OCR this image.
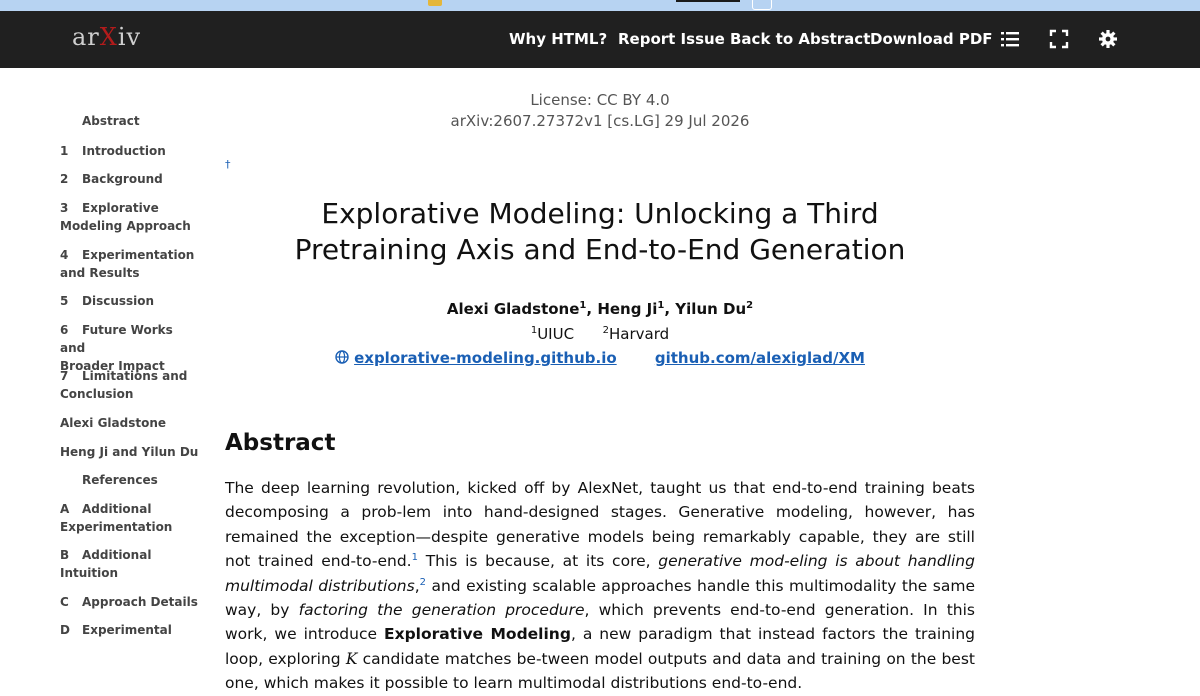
arXiv	Why HTML? Report Issue Back to Abstract Download PDF
Abstract
1 Introduction
2 Background
3 Explorative
Modeling Approach
4 Experimentation
and Results
5 Discussion
6 Future Works and
Broader Impact
7 Limitations and
Conclusion
Alexi Gladstone
Heng Ji and Yilun Du
References
A Additional
Experimentation
B Additional
Intuition
C Approach Details
D Experimental
License: CC BY 4.0
arXiv:2607.27372v1 [cs.LG] 29 Jul 2026
†
Explorative Modeling: Unlocking a Third
Pretraining Axis and End-to-End Generation
Alexi Gladstone$^1$, Heng Ji$^1$, Yilun Du$^2$
$^1$UIUC	$^2$Harvard
explorative-modeling.github.io	github.com/alexiglad/XM
Abstract

The deep learning revolution, kicked off by AlexNet, taught us that end-to-end training beats decomposing a prob-lem into hand-designed stages. Generative modeling, however, has remained the exception—despite generative models being remarkably capable, they are still not trained end-to-end.$^1$ This is because, at its core, generative mod-eling is about handling multimodal distributions,$^2$ and existing scalable approaches handle this multimodality the same way, by factoring the generation procedure, which prevents end-to-end generation. In this work, we introduce Explorative Modeling, a new paradigm that instead factors the training loop, exploring K candidate matches be-tween model outputs and data and training on the best one, which makes it possible to learn multimodal distributions end-to-end.
